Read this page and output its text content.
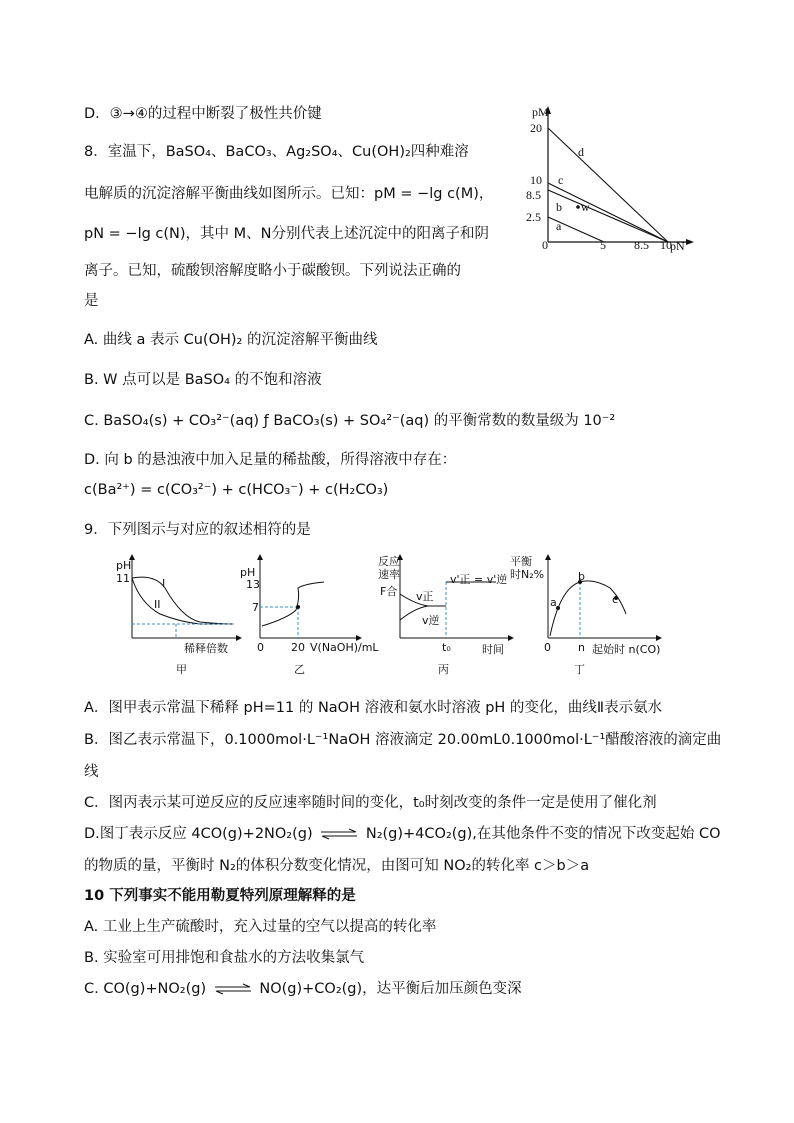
D．③→④的过程中断裂了极性共价键
8．室温下，BaSO₄、BaCO₃、Ag₂SO₄、Cu(OH)₂四种难溶
电解质的沉淀溶解平衡曲线如图所示。已知：pM = −lg c(M)，
pN = −lg c(N)，其中 M、N分别代表上述沉淀中的阳离子和阴
离子。已知，硫酸钡溶解度略小于碳酸钡。下列说法正确的
是
pM
pN
20
10
8.5
2.5
0	5 8.5 10
d
c
b
a
w
A. 曲线 a 表示 Cu(OH)₂ 的沉淀溶解平衡曲线
B. W 点可以是 BaSO₄ 的不饱和溶液
C. BaSO₄(s) + CO₃²⁻(aq) ƒ BaCO₃(s) + SO₄²⁻(aq) 的平衡常数的数量级为 10⁻²
D. 向 b 的悬浊液中加入足量的稀盐酸，所得溶液中存在：
c(Ba²⁺) = c(CO₃²⁻) + c(HCO₃⁻) + c(H₂CO₃)
9．下列图示与对应的叙述相符的是
pH
11	I
II
稀释倍数
甲
pH
13
7
0 20 V(NaOH)/mL
乙
反应
速率
F合 v正
v逆
v'正 = v'逆
t₀	时间
丙
平衡
时N₂%
a
b
c
0 n 起始时 n(CO)
丁
A．图甲表示常温下稀释 pH=11 的 NaOH 溶液和氨水时溶液 pH 的变化，曲线Ⅱ表示氨水
B．图乙表示常温下，0.1000mol·L⁻¹NaOH 溶液滴定 20.00mL0.1000mol·L⁻¹醋酸溶液的滴定曲
线
C．图丙表示某可逆反应的反应速率随时间的变化，t₀时刻改变的条件一定是使用了催化剂
D.图丁表示反应 4CO(g)+2NO₂(g) ⇌ N₂(g)+4CO₂(g),在其他条件不变的情况下改变起始 CO
的物质的量，平衡时 N₂的体积分数变化情况，由图可知 NO₂的转化率 c＞b＞a
10 下列事实不能用勒夏特列原理解释的是
A. 工业上生产硫酸时，充入过量的空气以提高的转化率
B. 实验室可用排饱和食盐水的方法收集氯气
C. CO(g)+NO₂(g) ⇌ NO(g)+CO₂(g)，达平衡后加压颜色变深
